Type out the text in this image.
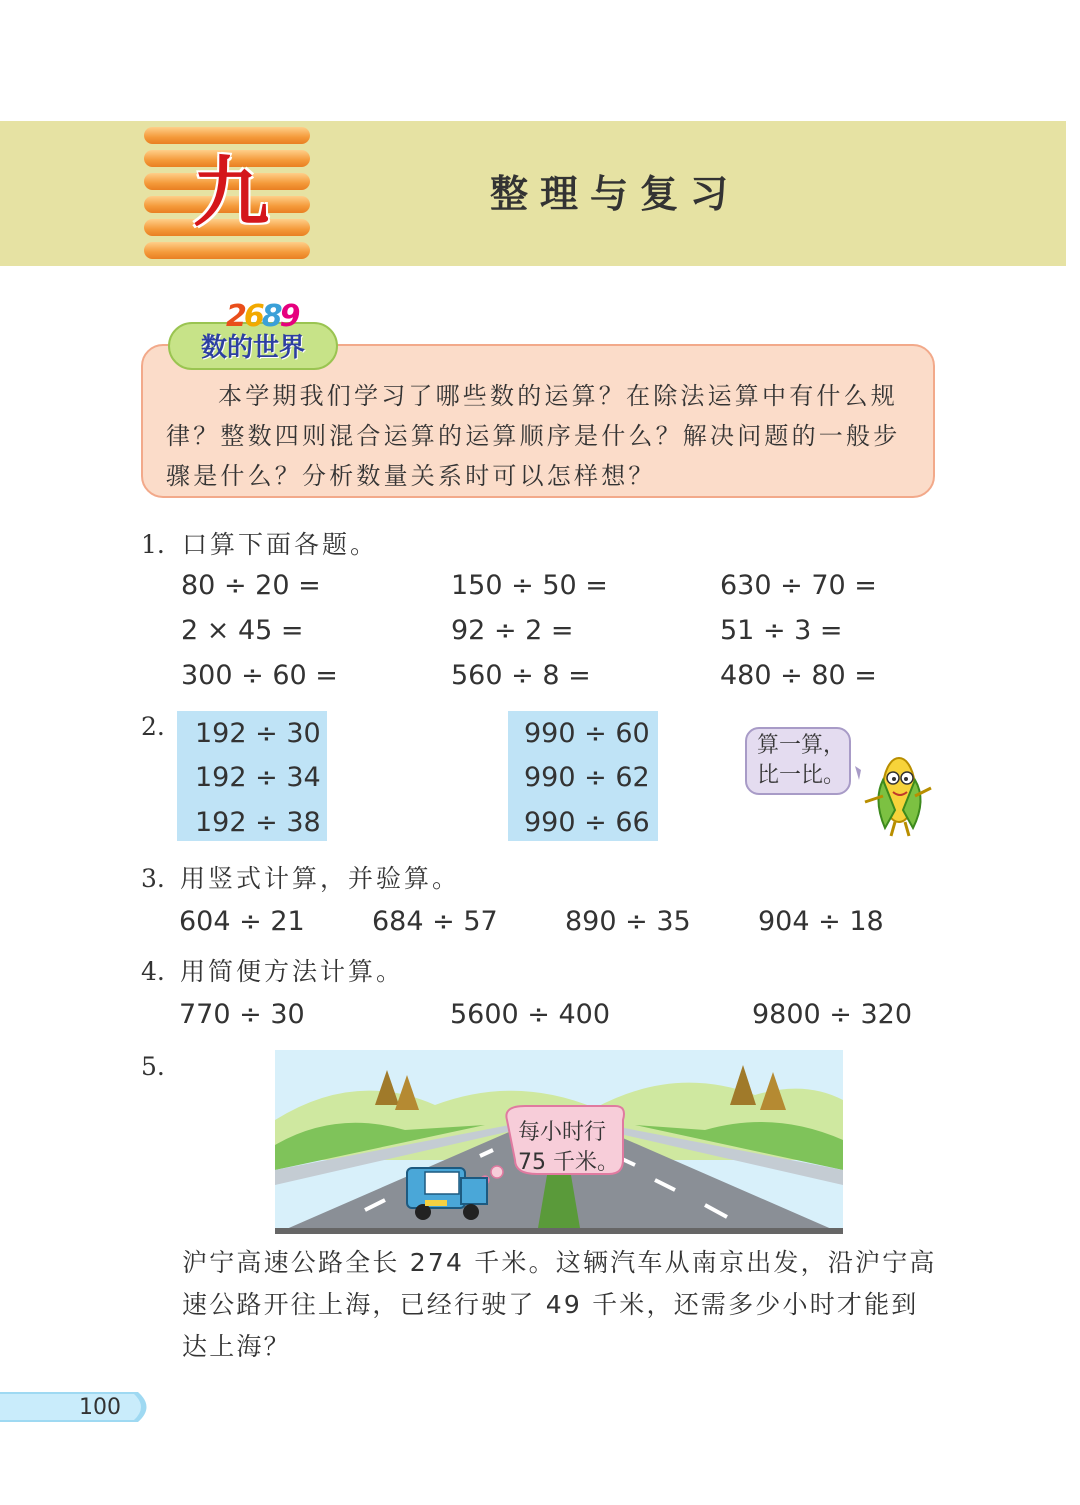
九	整理与复习
2689
数的世界

本学期我们学习了哪些数的运算？在除法运算中有什么规律？整数四则混合运算的运算顺序是什么？解决问题的一般步骤是什么？分析数量关系时可以怎样想？

1. 口算下面各题。
80 ÷ 20 =	150 ÷ 50 =	630 ÷ 70 =
2 × 45 =	92 ÷ 2 =	51 ÷ 3 =
300 ÷ 60 =	560 ÷ 8 =	480 ÷ 80 =
2. 192 ÷ 30
192 ÷ 34
192 ÷ 38
990 ÷ 60
990 ÷ 62
990 ÷ 66

算一算，
比一比。

3. 用竖式计算，并验算。
604 ÷ 21 684 ÷ 57 890 ÷ 35 904 ÷ 18
4. 用简便方法计算。
770 ÷ 30	5600 ÷ 400	9800 ÷ 320
5.

每小时行
75 千米。

沪宁高速公路全长 274 千米。这辆汽车从南京出发，沿沪宁高速公路开往上海，已经行驶了 49 千米，还需多少小时才能到达上海？

100
